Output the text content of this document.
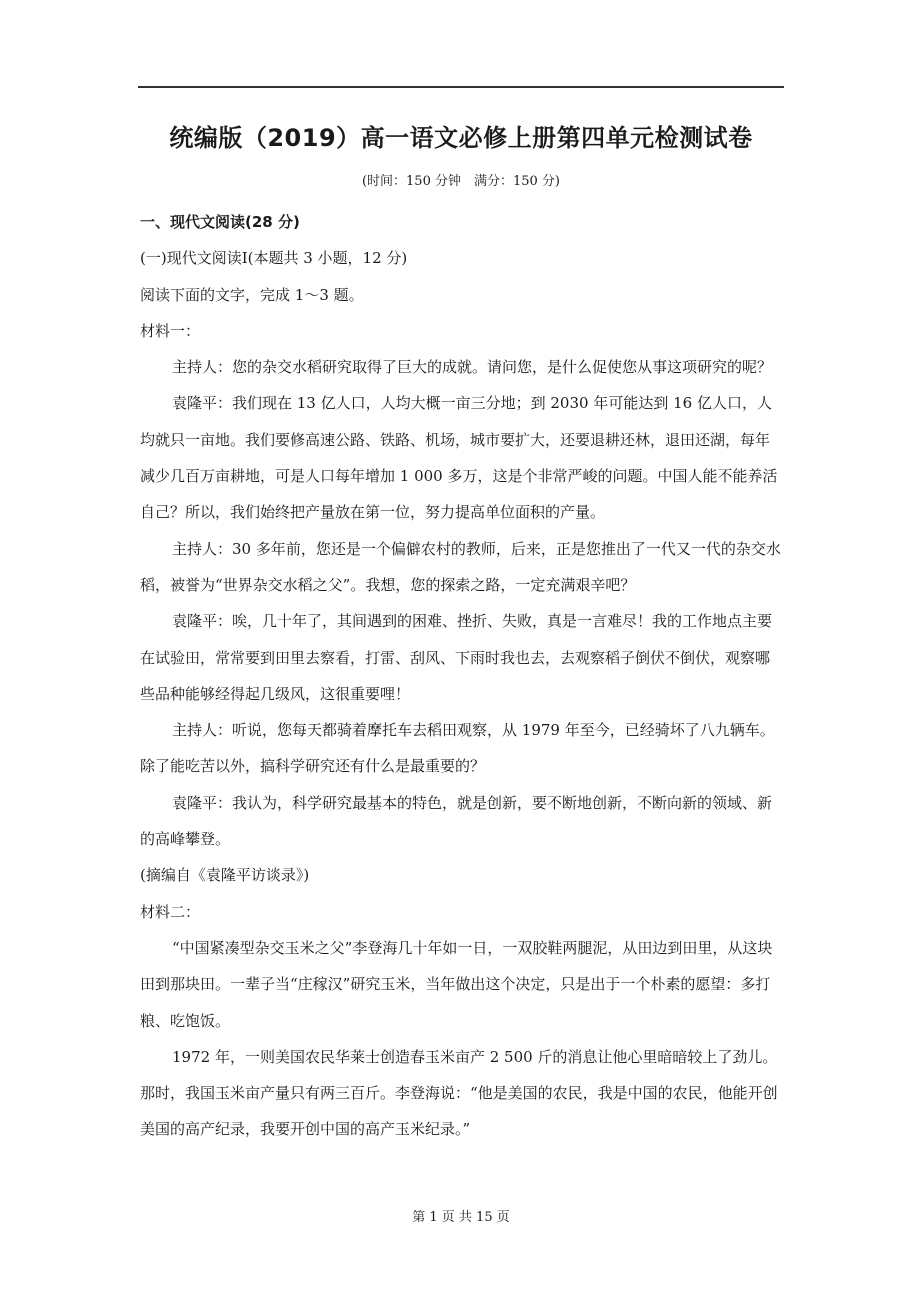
统编版（2019）高一语文必修上册第四单元检测试卷
(时间：150 分钟　满分：150 分)

一、现代文阅读(28 分)

(一)现代文阅读Ⅰ(本题共 3 小题，12 分)

阅读下面的文字，完成 1～3 题。

材料一：

主持人：您的杂交水稻研究取得了巨大的成就。请问您，是什么促使您从事这项研究的呢？

袁隆平：我们现在 13 亿人口，人均大概一亩三分地；到 2030 年可能达到 16 亿人口，人均就只一亩地。我们要修高速公路、铁路、机场，城市要扩大，还要退耕还林，退田还湖，每年减少几百万亩耕地，可是人口每年增加 1 000 多万，这是个非常严峻的问题。中国人能不能养活自己？所以，我们始终把产量放在第一位，努力提高单位面积的产量。

主持人：30 多年前，您还是一个偏僻农村的教师，后来，正是您推出了一代又一代的杂交水稻，被誉为“世界杂交水稻之父”。我想，您的探索之路，一定充满艰辛吧？

袁隆平：唉，几十年了，其间遇到的困难、挫折、失败，真是一言难尽！我的工作地点主要在试验田，常常要到田里去察看，打雷、刮风、下雨时我也去，去观察稻子倒伏不倒伏，观察哪些品种能够经得起几级风，这很重要哩！

主持人：听说，您每天都骑着摩托车去稻田观察，从 1979 年至今，已经骑坏了八九辆车。除了能吃苦以外，搞科学研究还有什么是最重要的？

袁隆平：我认为，科学研究最基本的特色，就是创新，要不断地创新，不断向新的领域、新的高峰攀登。

(摘编自《袁隆平访谈录》)

材料二：

“中国紧凑型杂交玉米之父”李登海几十年如一日，一双胶鞋两腿泥，从田边到田里，从这块田到那块田。一辈子当“庄稼汉”研究玉米，当年做出这个决定，只是出于一个朴素的愿望：多打粮、吃饱饭。

1972 年，一则美国农民华莱士创造春玉米亩产 2 500 斤的消息让他心里暗暗较上了劲儿。那时，我国玉米亩产量只有两三百斤。李登海说：“他是美国的农民，我是中国的农民，他能开创美国的高产纪录，我要开创中国的高产玉米纪录。”

第 1 页 共 15 页
